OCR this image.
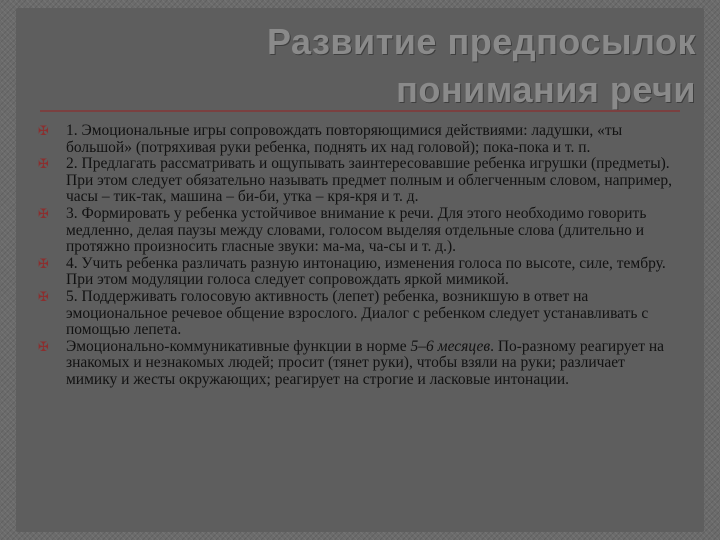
Развитие предпосылок
понимания речи
✠ 1. Эмоциональные игры сопровождать повторяющимися действиями: ладушки, «ты большой» (потряхивая руки ребенка, поднять их над головой); пока-пока и т. п.
✠ 2. Предлагать рассматривать и ощупывать заинтересовавшие ребенка игрушки (предметы). При этом следует обязательно называть предмет полным и облегченным словом, например, часы – тик-так, машина – би-би, утка – кря-кря и т. д.
✠ 3. Формировать у ребенка устойчивое внимание к речи. Для этого необходимо говорить медленно, делая паузы между словами, голосом выделяя отдельные слова (длительно и протяжно произносить гласные звуки: ма-ма, ча-сы и т. д.).
✠ 4. Учить ребенка различать разную интонацию, изменения голоса по высоте, силе, тембру. При этом модуляции голоса следует сопровождать яркой мимикой.
✠ 5. Поддерживать голосовую активность (лепет) ребенка, возникшую в ответ на эмоциональное речевое общение взрослого. Диалог с ребенком следует устанавливать с помощью лепета.
✠ Эмоционально-коммуникативные функции в норме 5–6 месяцев. По-разному реагирует на знакомых и незнакомых людей; просит (тянет руки), чтобы взяли на руки; различает мимику и жесты окружающих; реагирует на строгие и ласковые интонации.
